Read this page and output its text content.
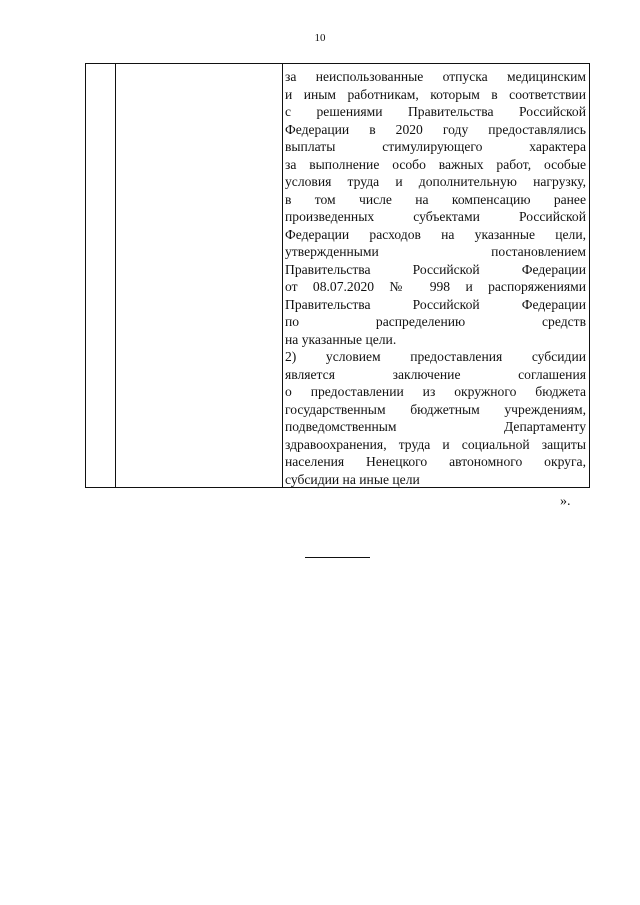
10
за неиспользованные отпуска медицинским
и иным работникам, которым в соответствии
с решениями Правительства Российской
Федерации в 2020 году предоставлялись
выплаты стимулирующего характера
за выполнение особо важных работ, особые
условия труда и дополнительную нагрузку,
в том числе на компенсацию ранее
произведенных субъектами Российской
Федерации расходов на указанные цели,
утвержденными постановлением
Правительства Российской Федерации
от 08.07.2020 № 998 и распоряжениями
Правительства Российской Федерации
по распределению средств
на указанные цели.
2) условием предоставления субсидии
является заключение соглашения
о предоставлении из окружного бюджета
государственным бюджетным учреждениям,
подведомственным Департаменту
здравоохранения, труда и социальной защиты
населения Ненецкого автономного округа,
субсидии на иные цели
».
